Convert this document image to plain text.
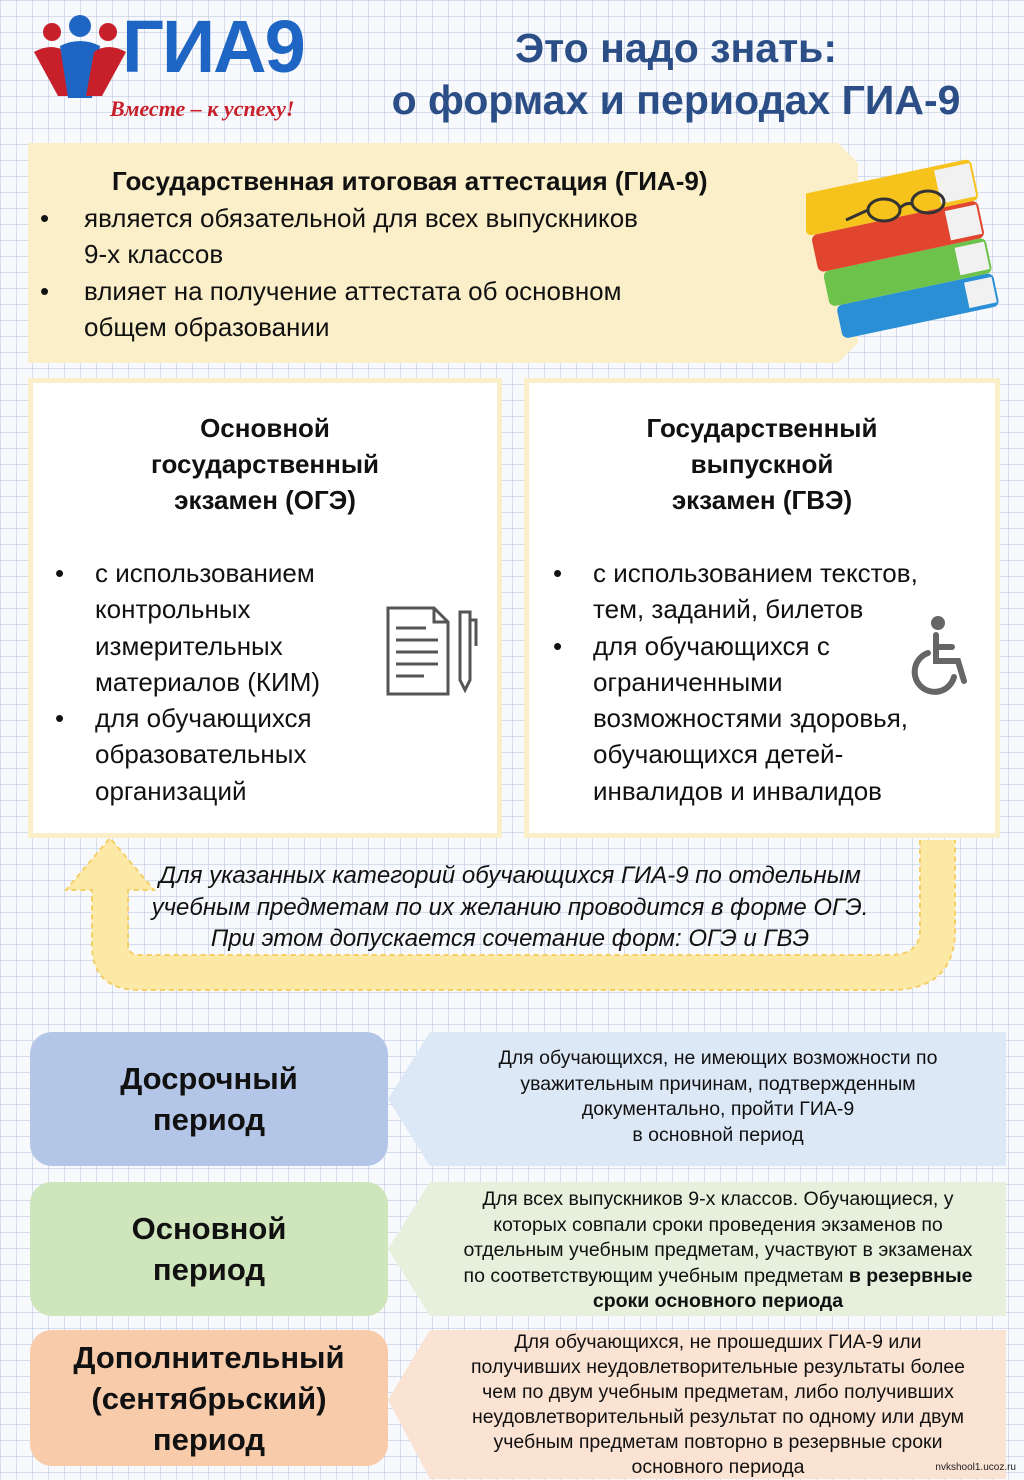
ГИА9
Вместе – к успеху!
Это надо знать:
о формах и периодах ГИА-9
Государственная итоговая аттестация (ГИА-9)
• является обязательной для всех выпускников
9-х классов
• влияет на получение аттестата об основном
общем образовании
Основной
государственный
экзамен (ОГЭ)
• с использованием
контрольных
измерительных
материалов (КИМ)
• для обучающихся
образовательных
организаций
Государственный
выпускной
экзамен (ГВЭ)
• с использованием текстов,
тем, заданий, билетов
• для обучающихся с
ограниченными
возможностями здоровья,
обучающихся детей-
инвалидов и инвалидов
Для указанных категорий обучающихся ГИА-9 по отдельным
учебным предметам по их желанию проводится в форме ОГЭ.
При этом допускается сочетание форм: ОГЭ и ГВЭ
Досрочный
период
Для обучающихся, не имеющих возможности по
уважительным причинам, подтвержденным
документально, пройти ГИА-9
в основной период
Основной
период
Для всех выпускников 9-х классов. Обучающиеся, у
которых совпали сроки проведения экзаменов по
отдельным учебным предметам, участвуют в экзаменах
по соответствующим учебным предметам в резервные
сроки основного периода
Дополнительный
(сентябрьский)
период
Для обучающихся, не прошедших ГИА-9 или
получивших неудовлетворительные результаты более
чем по двум учебным предметам, либо получивших
неудовлетворительный результат по одному или двум
учебным предметам повторно в резервные сроки
основного периода	nvkshool1.ucoz.ru
